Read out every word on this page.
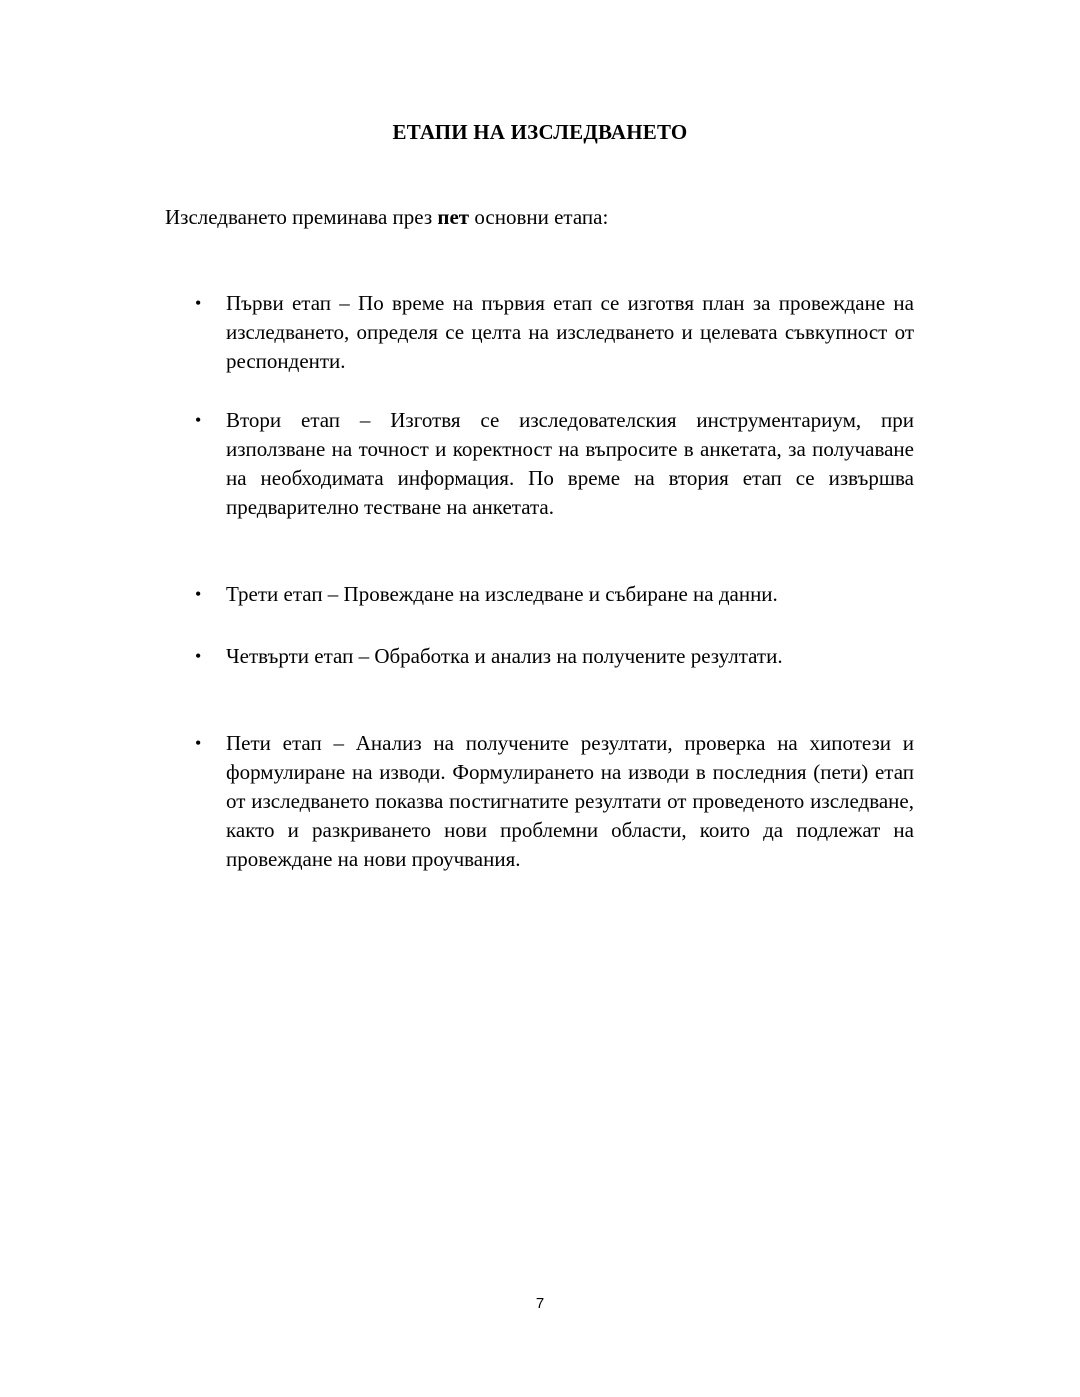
ЕТАПИ НА ИЗСЛЕДВАНЕТО
Изследването преминава през пет основни етапа:
• Първи етап – По време на първия етап се изготвя план за провеждане на изследването, определя се целта на изследването и целевата съвкупност от респонденти.
• Втори етап – Изготвя се изследователския инструментариум, при използване на точност и коректност на въпросите в анкетата, за получаване на необходимата информация. По време на втория етап се извършва предварително тестване на анкетата.
• Трети етап – Провеждане на изследване и събиране на данни.
• Четвърти етап – Обработка и анализ на получените резултати.
• Пети етап – Анализ на получените резултати, проверка на хипотези и формулиране на изводи. Формулирането на изводи в последния (пети) етап от изследването показва постигнатите резултати от проведеното изследване, както и разкриването нови проблемни области, които да подлежат на провеждане на нови проучвания.
7
